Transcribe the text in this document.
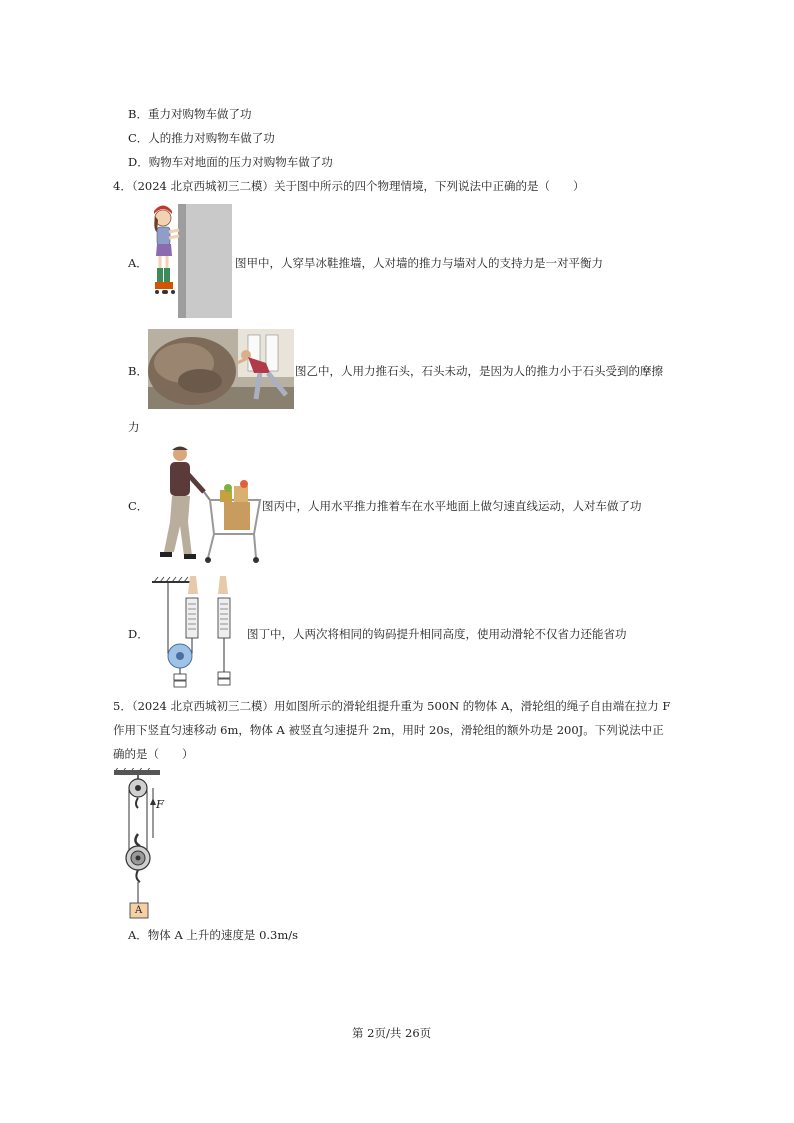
B．重力对购物车做了功
C．人的推力对购物车做了功
D．购物车对地面的压力对购物车做了功
4．（2024 北京西城初三二模）关于图中所示的四个物理情境，下列说法中正确的是（　　）
A．	图甲中，人穿旱冰鞋推墙，人对墙的推力与墙对人的支持力是一对平衡力
B．	图乙中，人用力推石头，石头未动，是因为人的推力小于石头受到的摩擦
力
C．	图丙中，人用水平推力推着车在水平地面上做匀速直线运动，人对车做了功
D．	图丁中，人两次将相同的钩码提升相同高度，使用动滑轮不仅省力还能省功
5．（2024 北京西城初三二模）用如图所示的滑轮组提升重为 500N 的物体 A，滑轮组的绳子自由端在拉力 F
作用下竖直匀速移动 6m，物体 A 被竖直匀速提升 2m，用时 20s，滑轮组的额外功是 200J。下列说法中正
确的是（　　）
F
A
A．物体 A 上升的速度是 0.3m/s
第 2页/共 26页
